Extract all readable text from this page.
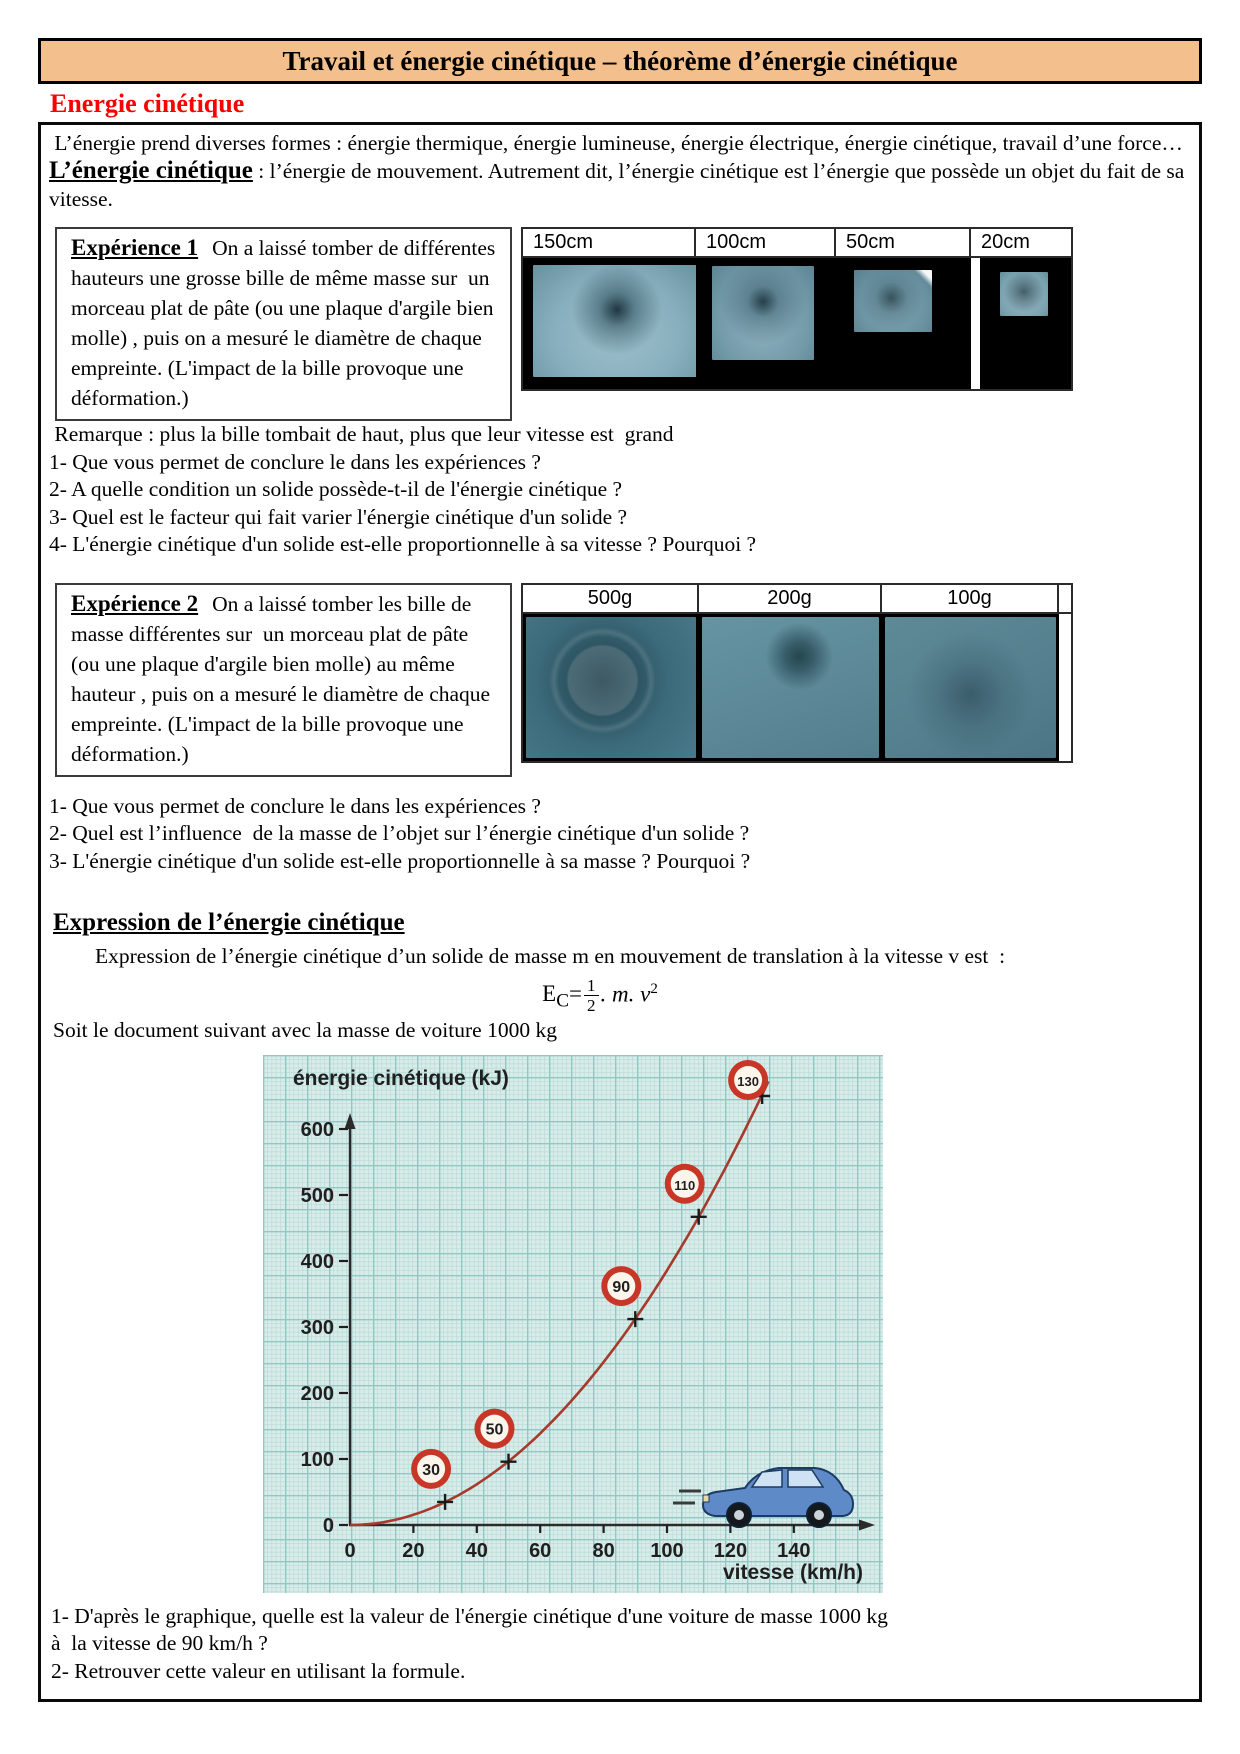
Travail et énergie cinétique – théorème d’énergie cinétique
Energie cinétique

L’énergie prend diverses formes : énergie thermique, énergie lumineuse, énergie électrique, énergie cinétique, travail d’une force…

L’énergie cinétique : l’énergie de mouvement. Autrement dit, l’énergie cinétique est l’énergie que possède un objet du fait de sa vitesse.

Expérience 1 On a laissé tomber de différentes hauteurs une grosse bille de même masse sur  un morceau plat de pâte (ou une plaque d'argile bien molle) , puis on a mesuré le diamètre de chaque empreinte. (L'impact de la bille provoque une déformation.)

150cm	100cm	50cm	20cm

Remarque : plus la bille tombait de haut, plus que leur vitesse est  grand

1- Que vous permet de conclure le dans les expériences ?

2- A quelle condition un solide possède-t-il de l'énergie cinétique ?

3- Quel est le facteur qui fait varier l'énergie cinétique d'un solide ?

4- L'énergie cinétique d'un solide est-elle proportionnelle à sa vitesse ? Pourquoi ?

Expérience 2 On a laissé tomber les bille de masse différentes sur  un morceau plat de pâte (ou une plaque d'argile bien molle) au même hauteur , puis on a mesuré le diamètre de chaque empreinte. (L'impact de la bille provoque une déformation.)

500g	200g	100g

1- Que vous permet de conclure le dans les expériences ?

2- Quel est l’influence  de la masse de l’objet sur l’énergie cinétique d'un solide ?

3- L'énergie cinétique d'un solide est-elle proportionnelle à sa masse ? Pourquoi ?

Expression de l’énergie cinétique

Expression de l’énergie cinétique d’un solide de masse m en mouvement de translation à la vitesse v est  :

$E_C= \frac{1}{2}$ . m. $v^2$

Soit le document suivant avec la masse de voiture 1000 kg

0
100
200
300
400
500
600
0 20 40 60 80 100 120 140
30
50
90
110
130
énergie cinétique (kJ)
vitesse (km/h)

1- D'après le graphique, quelle est la valeur de l'énergie cinétique d'une voiture de masse 1000 kg

à  la vitesse de 90 km/h ?

2- Retrouver cette valeur en utilisant la formule.
